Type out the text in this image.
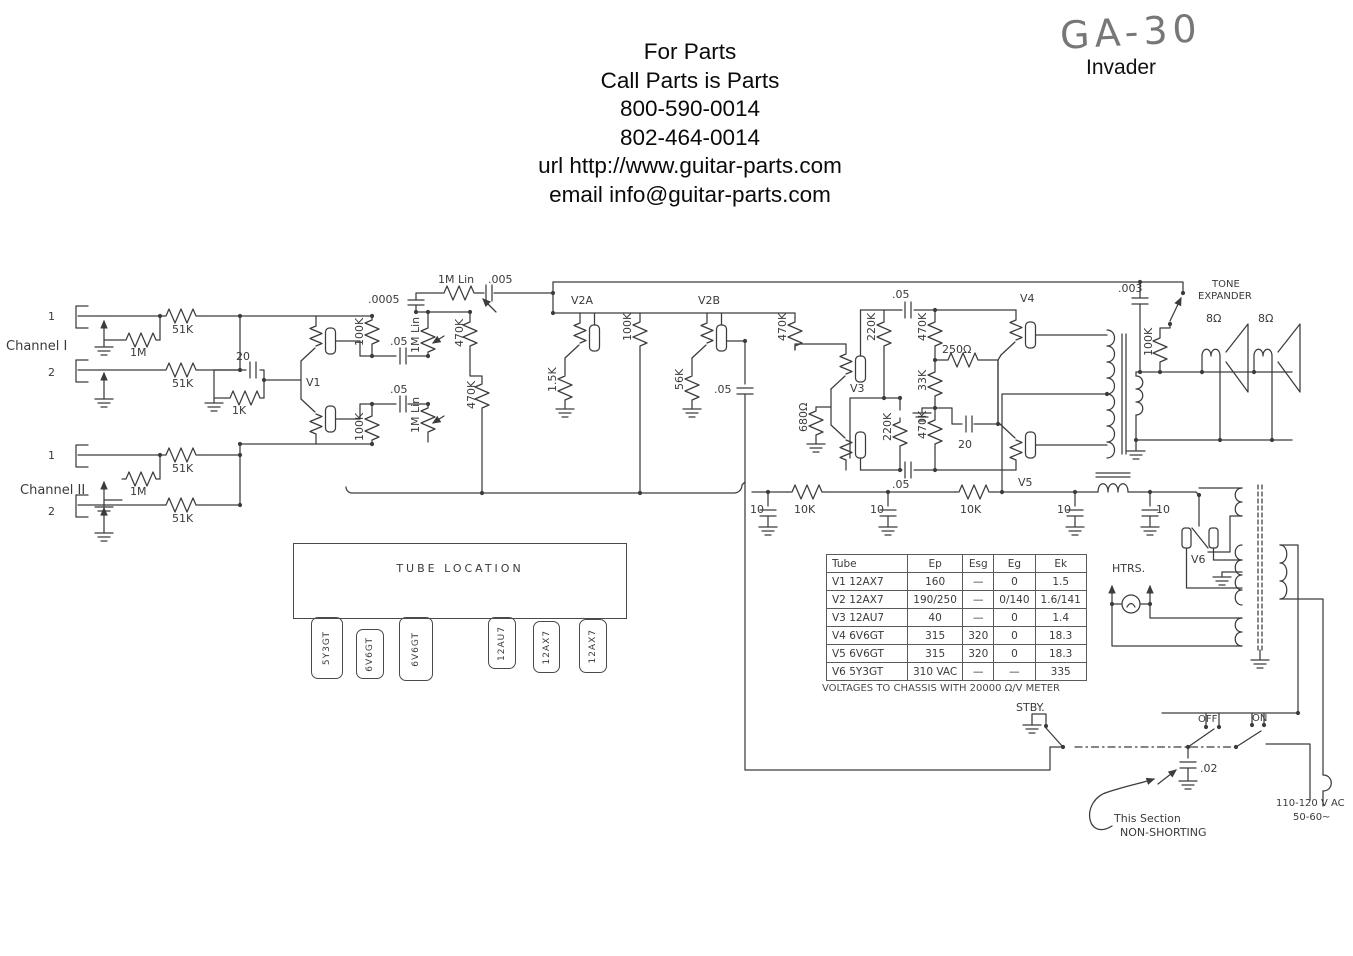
For Parts
Call Parts is Parts
800-590-0014
802-464-0014
url http://www.guitar-parts.com
email info@guitar-parts.com
GA-30
Invader
Channel I
1
2
1M
51K
51K
Channel II
1
2
1M
51K
51K
20
1K
V1
100K
100K
.05
.05
1M Lin
1M Lin
470K
470K
.0005
1M Lin .005
V2A
1.5K
100K
V2B
56K	.05
470K
680Ω
V3
220K
220K
470K
33K
470K
250Ω
20
.05
.05
V4
V5
.003	TONE
EXPANDER
100K
8Ω	8Ω
10	10K	10	10K	10	10
HTRS.
V6
STBY.
OFF	ON
.02
This Section
NON-SHORTING
110-120 V AC
50-60~
Tube	Ep	Esg	Eg	Ek
V1 12AX7	160	—	0	1.5
V2 12AX7	190/250	—	0/140	1.6/141
V3 12AU7	40	—	0	1.4
V4 6V6GT	315	320	0	18.3
V5 6V6GT	315	320	0	18.3
V6 5Y3GT	310 VAC	—	—	335
VOLTAGES TO CHASSIS WITH 20000 Ω/V METER
TUBE LOCATION
5Y3GT	6V6GT	6V6GT	12AU7	12AX7	12AX7
